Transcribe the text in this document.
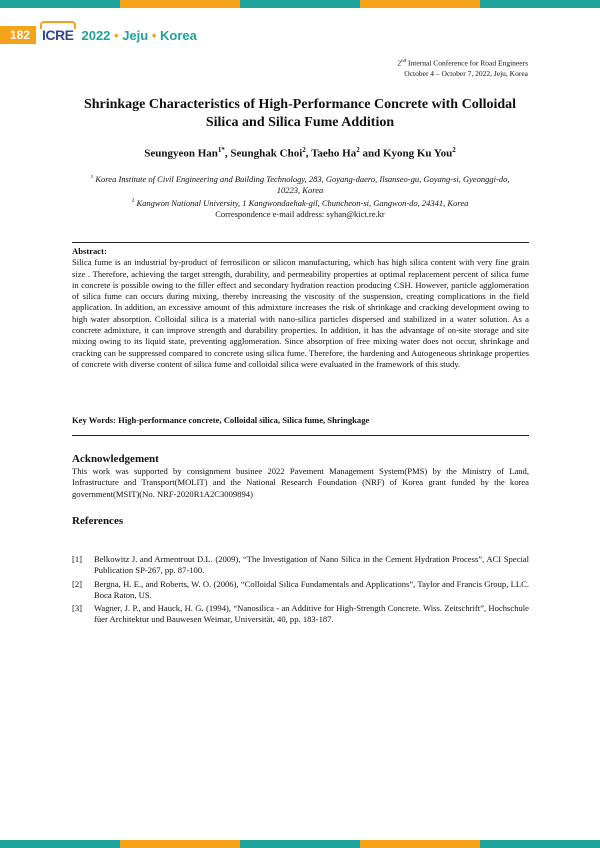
182 ICRE 2022 • Jeju • Korea
2nd Internal Conference for Road Engineers
October 4 – October 7, 2022, Jeju, Korea
Shrinkage Characteristics of High-Performance Concrete with Colloidal
Silica and Silica Fume Addition
Seungyeon Han$^{1*}$, Seunghak Choi$^2$, Taeho Ha$^2$ and Kyong Ku You$^2$
$^1$ Korea Institute of Civil Engineering and Building Technology, 283, Goyang-daero, Ilsanseo-gu, Goyang-si, Gyeonggi-do, 10223, Korea
$^2$ Kangwon National University, 1 Kangwondaehak-gil, Chuncheon-si, Gangwon-do, 24341, Korea
Correspondence e-mail address: syhan@kict.re.kr
Abstract:
Silica fume is an industrial by-product of ferrosilicon or silicon manufacturing, which has high silica content with very fine grain size . Therefore, achieving the target strength, durability, and permeability properties at optimal replacement percent of silica fume in concrete is possible owing to the filler effect and secondary hydration reaction producing CSH. However, particle agglomeration of silica fume can occurs during mixing, thereby increasing the viscosity of the suspension, creating complications in the field application. In addition, an excessive amount of this admixture increases the risk of shrinkage and cracking development owing to high water absorption. Colloidal silica is a material with nano-silica particles dispersed and stabilized in a water solution. As a concrete admixture, it can improve strength and durability properties. In addition, it has the advantage of on-site storage and site mixing owing to its liquid state, preventing agglomeration. Since absorption of free mixing water does not occur, shrinkage and cracking can be suppressed compared to concrete using silica fume. Therefore, the hardening and Autogeneous shrinkage properties of concrete with diverse content of silica fume and colloidal silica were evaluated in the framework of this study.
Key Words: High-performance concrete, Colloidal silica, Silica fume, Shringkage
Acknowledgement
This work was supported by consignment businee 2022 Pavement Management System(PMS) by the Ministry of Land, Infrastructure and Transport(MOLIT) and the National Research Foundation (NRF) of Korea grant funded by the korea government(MSIT)(No. NRF-2020R1A2C3009894)
References
[1]	Belkowitz J. and Armentrout D.L. (2009), “The Investigation of Nano Silica in the Cement Hydration Process”, ACI Special Publication SP-267, pp. 87-100.
[2]	Bergna, H. E., and Roberts, W. O. (2006), “Colloidal Silica Fundamentals and Applications”, Taylor and Francis Group, LLC. Boca Raton, US.
[3]	Wagner, J. P., and Hauck, H. G. (1994), “Nanosilica - an Additive for High-Strength Concrete. Wiss. Zeitschrift”, Hochschule füer Architektur und Bauwesen Weimar, Universität, 40, pp. 183-187.
